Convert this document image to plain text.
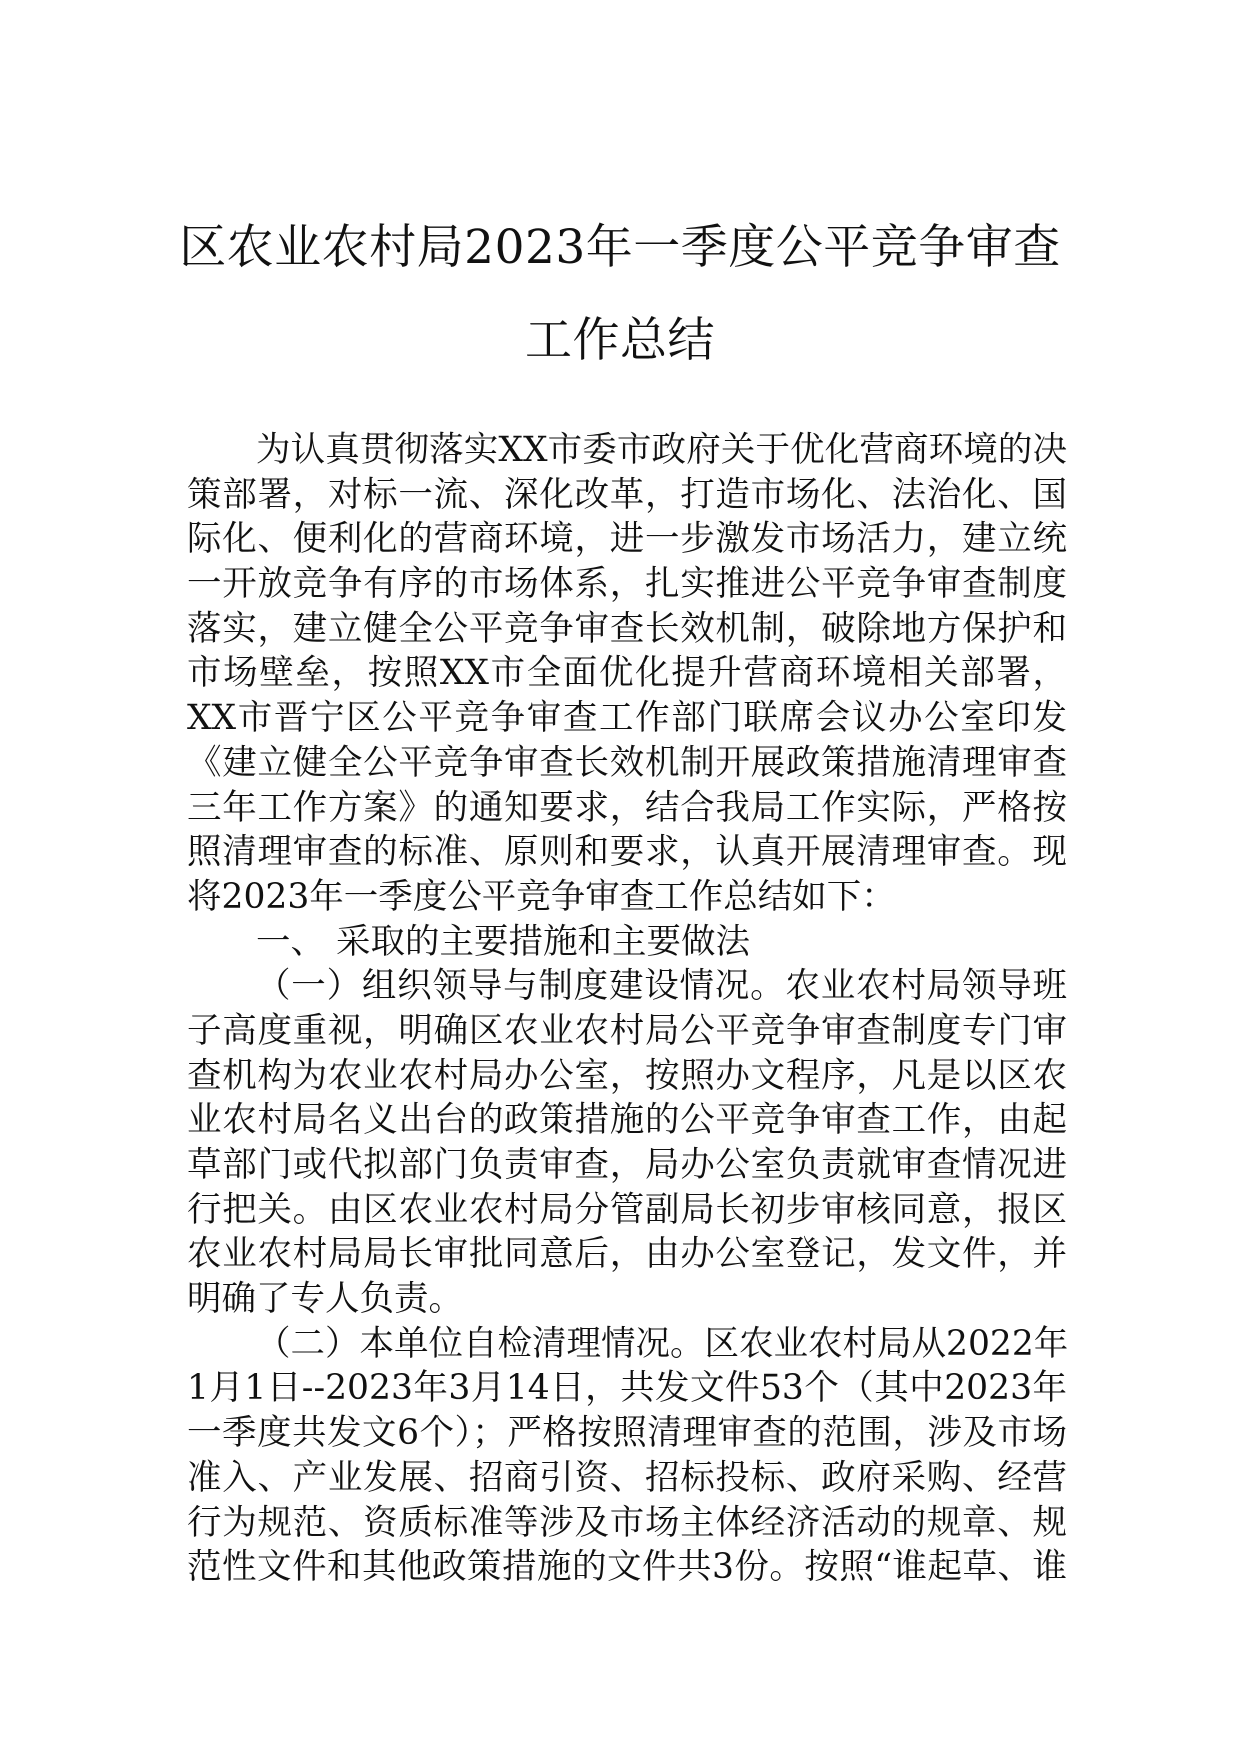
区农业农村局2023年一季度公平竞争审查
工作总结
为认真贯彻落实XX市委市政府关于优化营商环境的决
策部署，对标一流、深化改革，打造市场化、法治化、国
际化、便利化的营商环境，进一步激发市场活力，建立统
一开放竞争有序的市场体系，扎实推进公平竞争审查制度
落实，建立健全公平竞争审查长效机制，破除地方保护和
市场壁垒，按照XX市全面优化提升营商环境相关部署，
XX市晋宁区公平竞争审查工作部门联席会议办公室印发
《建立健全公平竞争审查长效机制开展政策措施清理审查
三年工作方案》的通知要求，结合我局工作实际，严格按
照清理审查的标准、原则和要求，认真开展清理审查。现
将2023年一季度公平竞争审查工作总结如下：
一、 采取的主要措施和主要做法
（一）组织领导与制度建设情况。农业农村局领导班
子高度重视，明确区农业农村局公平竞争审查制度专门审
查机构为农业农村局办公室，按照办文程序，凡是以区农
业农村局名义出台的政策措施的公平竞争审查工作，由起
草部门或代拟部门负责审查，局办公室负责就审查情况进
行把关。由区农业农村局分管副局长初步审核同意，报区
农业农村局局长审批同意后，由办公室登记，发文件，并
明确了专人负责。
（二）本单位自检清理情况。区农业农村局从2022年
1月1日--2023年3月14日，共发文件53个（其中2023年
一季度共发文6个）；严格按照清理审查的范围，涉及市场
准入、产业发展、招商引资、招标投标、政府采购、经营
行为规范、资质标准等涉及市场主体经济活动的规章、规
范性文件和其他政策措施的文件共3份。按照“谁起草、谁
